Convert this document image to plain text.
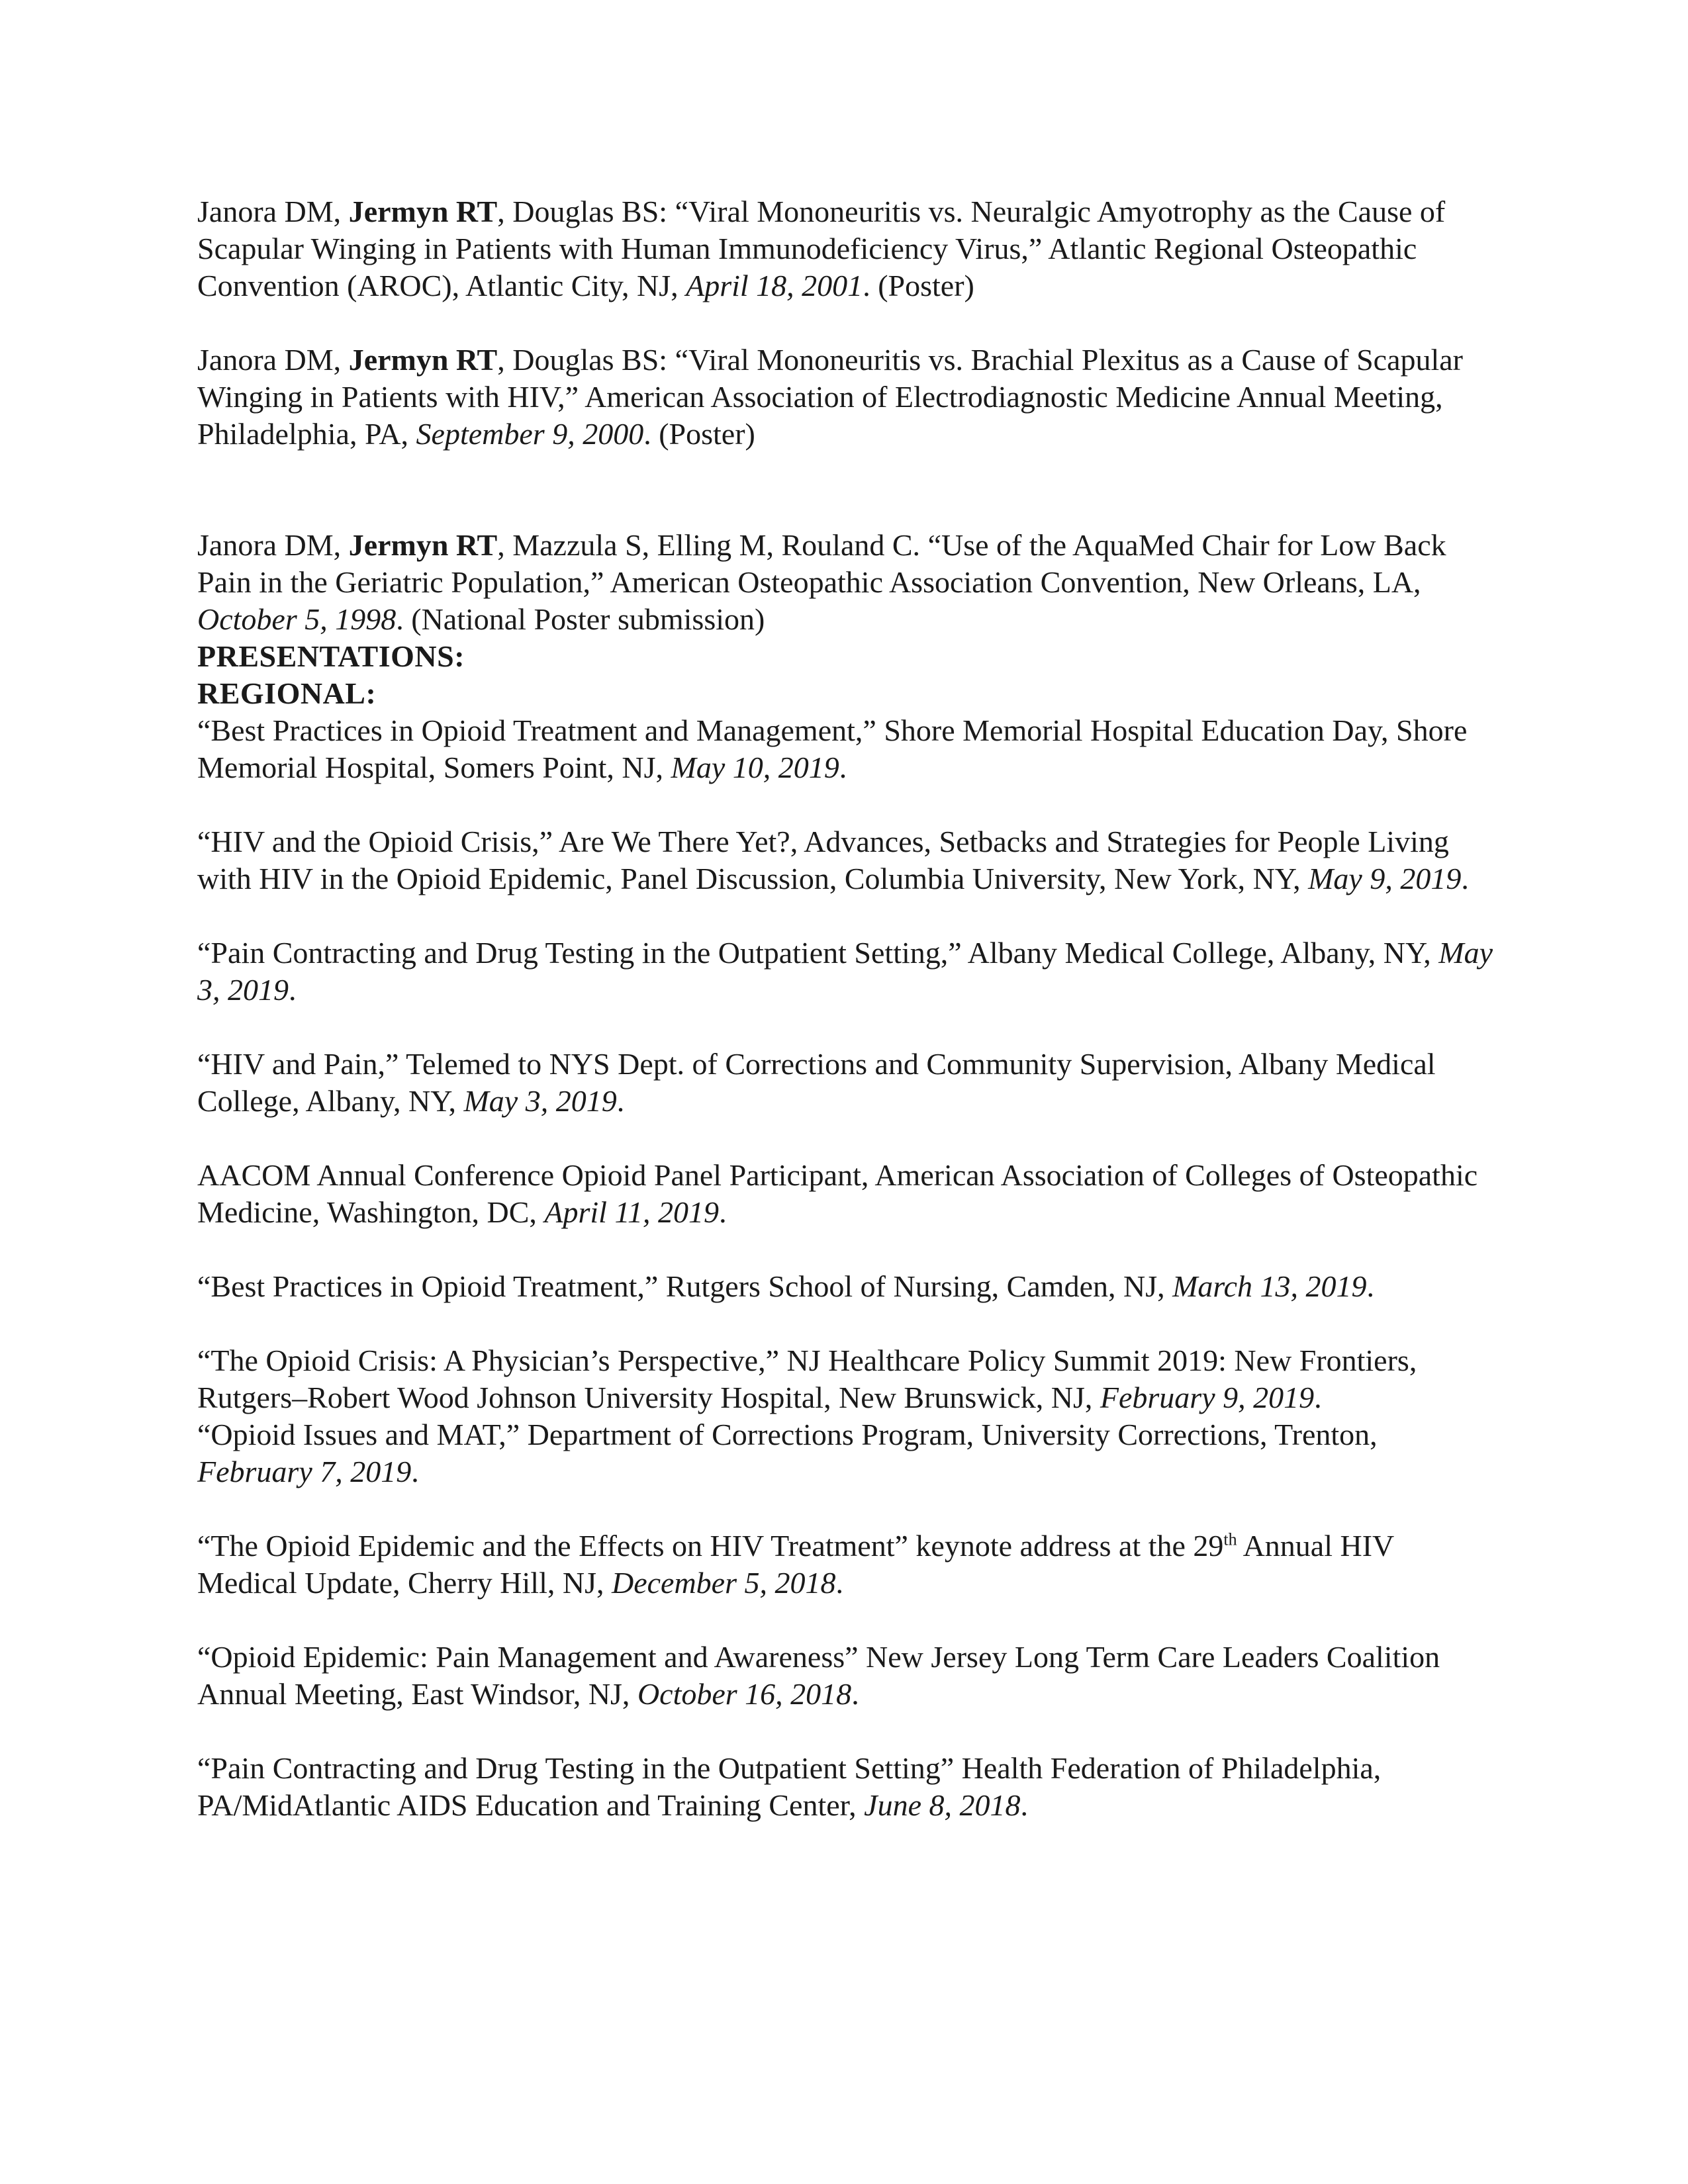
Janora DM, Jermyn RT, Douglas BS: “Viral Mononeuritis vs. Neuralgic Amyotrophy as the Cause of Scapular Winging in Patients with Human Immunodeficiency Virus,” Atlantic Regional Osteopathic Convention (AROC), Atlantic City, NJ, April 18, 2001. (Poster)

Janora DM, Jermyn RT, Douglas BS: “Viral Mononeuritis vs. Brachial Plexitus as a Cause of Scapular Winging in Patients with HIV,” American Association of Electrodiagnostic Medicine Annual Meeting, Philadelphia, PA, September 9, 2000. (Poster)

Janora DM, Jermyn RT, Mazzula S, Elling M, Rouland C. “Use of the AquaMed Chair for Low Back Pain in the Geriatric Population,” American Osteopathic Association Convention, New Orleans, LA, October 5, 1998. (National Poster submission)

PRESENTATIONS:

REGIONAL:

“Best Practices in Opioid Treatment and Management,” Shore Memorial Hospital Education Day, Shore Memorial Hospital, Somers Point, NJ, May 10, 2019.

“HIV and the Opioid Crisis,” Are We There Yet?, Advances, Setbacks and Strategies for People Living with HIV in the Opioid Epidemic, Panel Discussion, Columbia University, New York, NY, May 9, 2019.

“Pain Contracting and Drug Testing in the Outpatient Setting,” Albany Medical College, Albany, NY, May 3, 2019.

“HIV and Pain,” Telemed to NYS Dept. of Corrections and Community Supervision, Albany Medical College, Albany, NY, May 3, 2019.

AACOM Annual Conference Opioid Panel Participant, American Association of Colleges of Osteopathic Medicine, Washington, DC, April 11, 2019.

“Best Practices in Opioid Treatment,” Rutgers School of Nursing, Camden, NJ, March 13, 2019.

“The Opioid Crisis: A Physician’s Perspective,” NJ Healthcare Policy Summit 2019: New Frontiers, Rutgers–Robert Wood Johnson University Hospital, New Brunswick, NJ, February 9, 2019.

“Opioid Issues and MAT,” Department of Corrections Program, University Corrections, Trenton, February 7, 2019.

“The Opioid Epidemic and the Effects on HIV Treatment” keynote address at the 29th Annual HIV Medical Update, Cherry Hill, NJ, December 5, 2018.

“Opioid Epidemic: Pain Management and Awareness” New Jersey Long Term Care Leaders Coalition Annual Meeting, East Windsor, NJ, October 16, 2018.

“Pain Contracting and Drug Testing in the Outpatient Setting” Health Federation of Philadelphia, PA/MidAtlantic AIDS Education and Training Center, June 8, 2018.
